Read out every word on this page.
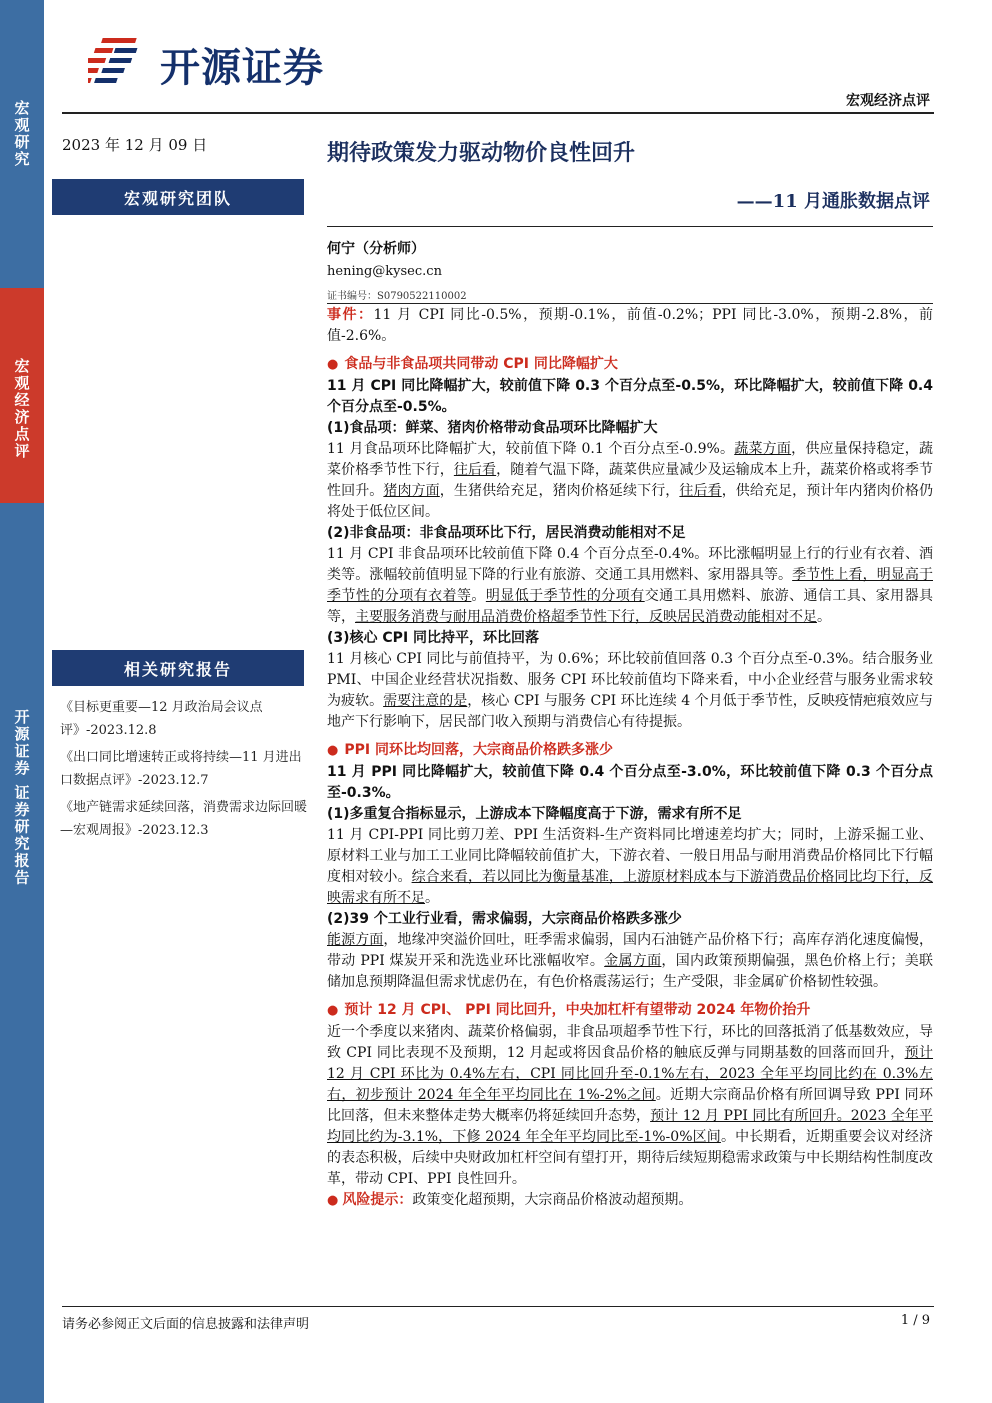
宏观研究
宏观经济点评
开源证券 证券研究报告
开源证券
宏观经济点评
2023 年 12 月 09 日
宏观研究团队
相关研究报告
《目标更重要—12 月政治局会议点评》-2023.12.8
《出口同比增速转正或将持续—11 月进出口数据点评》-2023.12.7
《地产链需求延续回落，消费需求边际回暖—宏观周报》-2023.12.3
期待政策发力驱动物价良性回升
——11 月通胀数据点评
何宁（分析师）
hening@kysec.cn
证书编号：S0790522110002

事件：11 月 CPI 同比-0.5%，预期-0.1%，前值-0.2%；PPI 同比-3.0%，预期-2.8%，前值-2.6%。

● 食品与非食品项共同带动 CPI 同比降幅扩大

11 月 CPI 同比降幅扩大，较前值下降 0.3 个百分点至-0.5%，环比降幅扩大，较前值下降 0.4 个百分点至-0.5%。

(1)食品项：鲜菜、猪肉价格带动食品项环比降幅扩大

11 月食品项环比降幅扩大，较前值下降 0.1 个百分点至-0.9%。蔬菜方面，供应量保持稳定，蔬菜价格季节性下行，往后看，随着气温下降，蔬菜供应量减少及运输成本上升，蔬菜价格或将季节性回升。猪肉方面，生猪供给充足，猪肉价格延续下行，往后看，供给充足，预计年内猪肉价格仍将处于低位区间。

(2)非食品项：非食品项环比下行，居民消费动能相对不足

11 月 CPI 非食品项环比较前值下降 0.4 个百分点至-0.4%。环比涨幅明显上行的行业有衣着、酒类等。涨幅较前值明显下降的行业有旅游、交通工具用燃料、家用器具等。季节性上看，明显高于季节性的分项有衣着等。明显低于季节性的分项有交通工具用燃料、旅游、通信工具、家用器具等，主要服务消费与耐用品消费价格超季节性下行，反映居民消费动能相对不足。

(3)核心 CPI 同比持平，环比回落

11 月核心 CPI 同比与前值持平，为 0.6%；环比较前值回落 0.3 个百分点至-0.3%。结合服务业 PMI、中国企业经营状况指数、服务 CPI 环比较前值均下降来看，中小企业经营与服务业需求较为疲软。需要注意的是，核心 CPI 与服务 CPI 环比连续 4 个月低于季节性，反映疫情疤痕效应与地产下行影响下，居民部门收入预期与消费信心有待提振。

● PPI 同环比均回落，大宗商品价格跌多涨少

11 月 PPI 同比降幅扩大，较前值下降 0.4 个百分点至-3.0%，环比较前值下降 0.3 个百分点至-0.3%。

(1)多重复合指标显示，上游成本下降幅度高于下游，需求有所不足

11 月 CPI-PPI 同比剪刀差、PPI 生活资料-生产资料同比增速差均扩大；同时，上游采掘工业、原材料工业与加工工业同比降幅较前值扩大，下游衣着、一般日用品与耐用消费品价格同比下行幅度相对较小。综合来看，若以同比为衡量基准，上游原材料成本与下游消费品价格同比均下行，反映需求有所不足。

(2)39 个工业行业看，需求偏弱，大宗商品价格跌多涨少

能源方面，地缘冲突溢价回吐，旺季需求偏弱，国内石油链产品价格下行；高库存消化速度偏慢，带动 PPI 煤炭开采和洗选业环比涨幅收窄。金属方面，国内政策预期偏强，黑色价格上行；美联储加息预期降温但需求忧虑仍在，有色价格震荡运行；生产受限，非金属矿价格韧性较强。

● 预计 12 月 CPI、 PPI 同比回升，中央加杠杆有望带动 2024 年物价抬升

近一个季度以来猪肉、蔬菜价格偏弱，非食品项超季节性下行，环比的回落抵消了低基数效应，导致 CPI 同比表现不及预期，12 月起或将因食品价格的触底反弹与同期基数的回落而回升，预计 12 月 CPI 环比为 0.4%左右，CPI 同比回升至-0.1%左右，2023 全年平均同比约在 0.3%左右，初步预计 2024 年全年平均同比在 1%-2%之间。近期大宗商品价格有所回调导致 PPI 同环比回落，但未来整体走势大概率仍将延续回升态势，预计 12 月 PPI 同比有所回升。2023 全年平均同比约为-3.1%，下修 2024 年全年平均同比至-1%-0%区间。中长期看，近期重要会议对经济的表态积极，后续中央财政加杠杆空间有望打开，期待后续短期稳需求政策与中长期结构性制度改革，带动 CPI、PPI 良性回升。

● 风险提示：政策变化超预期，大宗商品价格波动超预期。
请务必参阅正文后面的信息披露和法律声明	1 / 9
